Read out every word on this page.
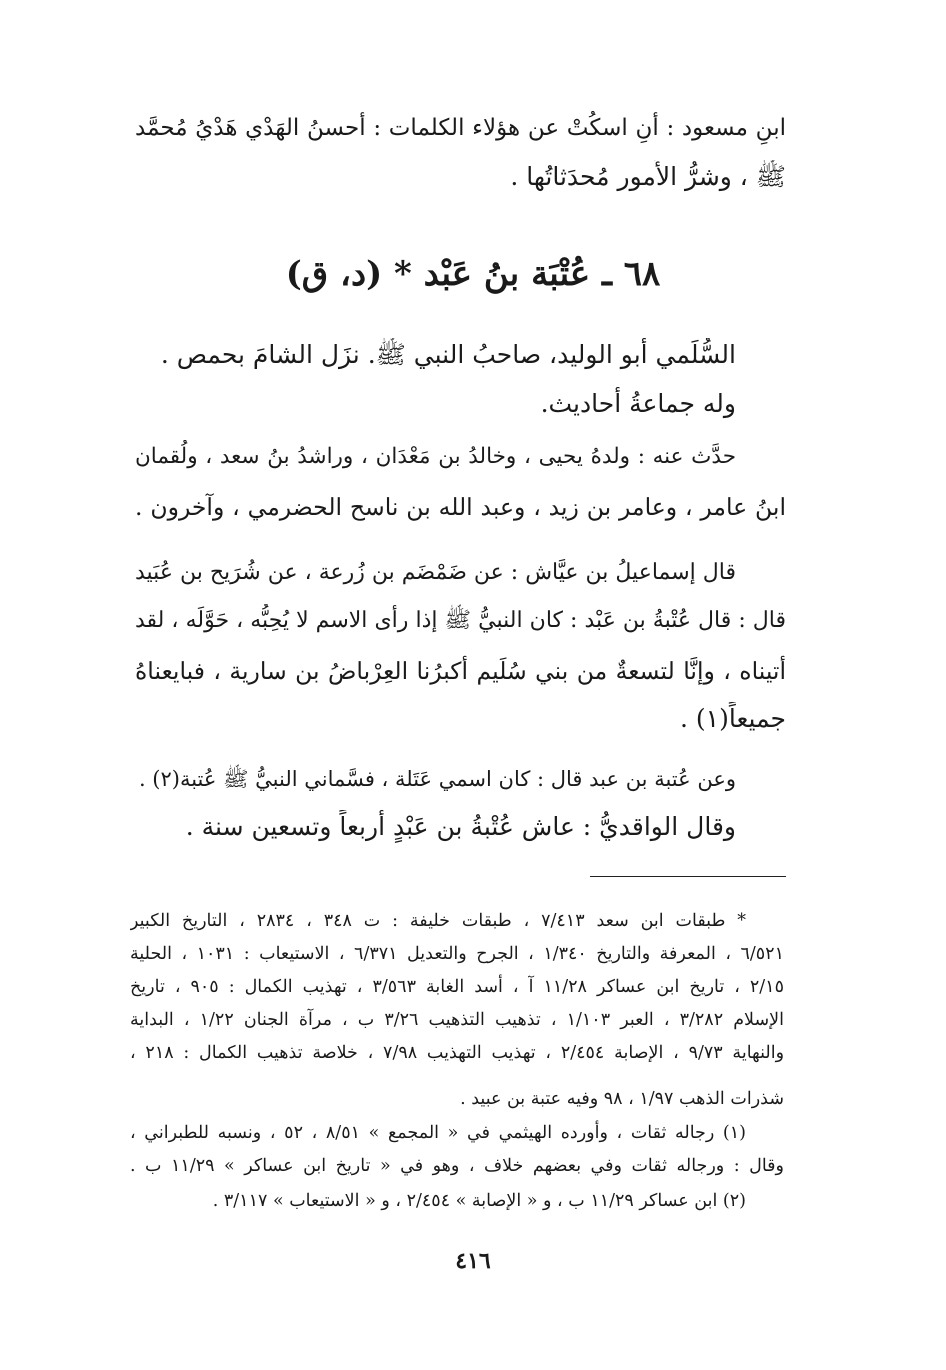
ابنِ مسعود : أنِ اسكُتْ عن هؤلاء الكلمات : أحسنُ الهَدْي هَدْيُ مُحمَّد
ﷺ ، وشرُّ الأُمور مُحدَثاتُها .
٦٨ ـ عُتْبَة بنُ عَبْد * (د، ق)
السُّلَمي أبو الوليد، صاحبُ النبي ﷺ. نزَل الشامَ بحمص .
وله جماعةُ أحاديث.
حدَّث عنه : ولدهُ يحيى ، وخالدُ بن مَعْدَان ، وراشدُ بنُ سعد ، ولُقمان
ابنُ عامر ، وعامر بن زيد ، وعبد الله بن ناسح الحضرمي ، وآخرون .
قال إسماعيلُ بن عيَّاش : عن ضَمْضَم بن زُرعة ، عن شُرَيح بن عُبَيد
قال : قال عُتْبةُ بن عَبْد : كان النبيُّ ﷺ إذا رأى الاسم لا يُحِبُّه ، حَوَّلَه ، لقد
أتيناه ، وإنَّا لتسعةٌ من بني سُلَيم أكبرُنا العِرْباضُ بن سارية ، فبايعناهُ
جميعاً(١) .
وعن عُتبة بن عبد قال : كان اسمي عَتَلة ، فسَّماني النبيُّ ﷺ عُتبة(٢) .
وقال الواقديُّ : عاش عُتْبةُ بن عَبْدٍ أربعاً وتسعين سنة .
* طبقات ابن سعد ٧/٤١٣ ، طبقات خليفة : ت ٣٤٨ ، ٢٨٣٤ ، التاريخ الكبير
٦/٥٢١ ، المعرفة والتاريخ ١/٣٤٠ ، الجرح والتعديل ٦/٣٧١ ، الاستيعاب : ١٠٣١ ، الحلية
٢/١٥ ، تاريخ ابن عساكر ١١/٢٨ آ ، أسد الغابة ٣/٥٦٣ ، تهذيب الكمال : ٩٠٥ ، تاريخ
الإسلام ٣/٢٨٢ ، العبر ١/١٠٣ ، تذهيب التذهيب ٣/٢٦ ب ، مرآة الجنان ١/٢٢ ، البداية
والنهاية ٩/٧٣ ، الإصابة ٢/٤٥٤ ، تهذيب التهذيب ٧/٩٨ ، خلاصة تذهيب الكمال : ٢١٨ ،
شذرات الذهب ١/٩٧ ، ٩٨ وفيه عتبة بن عبيد .
(١) رجاله ثقات ، وأورده الهيثمي في « المجمع » ٨/٥١ ، ٥٢ ، ونسبه للطبراني ،
وقال : ورجاله ثقات وفي بعضهم خلاف ، وهو في « تاريخ ابن عساكر » ١١/٢٩ ب .
(٢) ابن عساكر ١١/٢٩ ب ، و « الإصابة » ٢/٤٥٤ ، و « الاستيعاب » ٣/١١٧ .
٤١٦
